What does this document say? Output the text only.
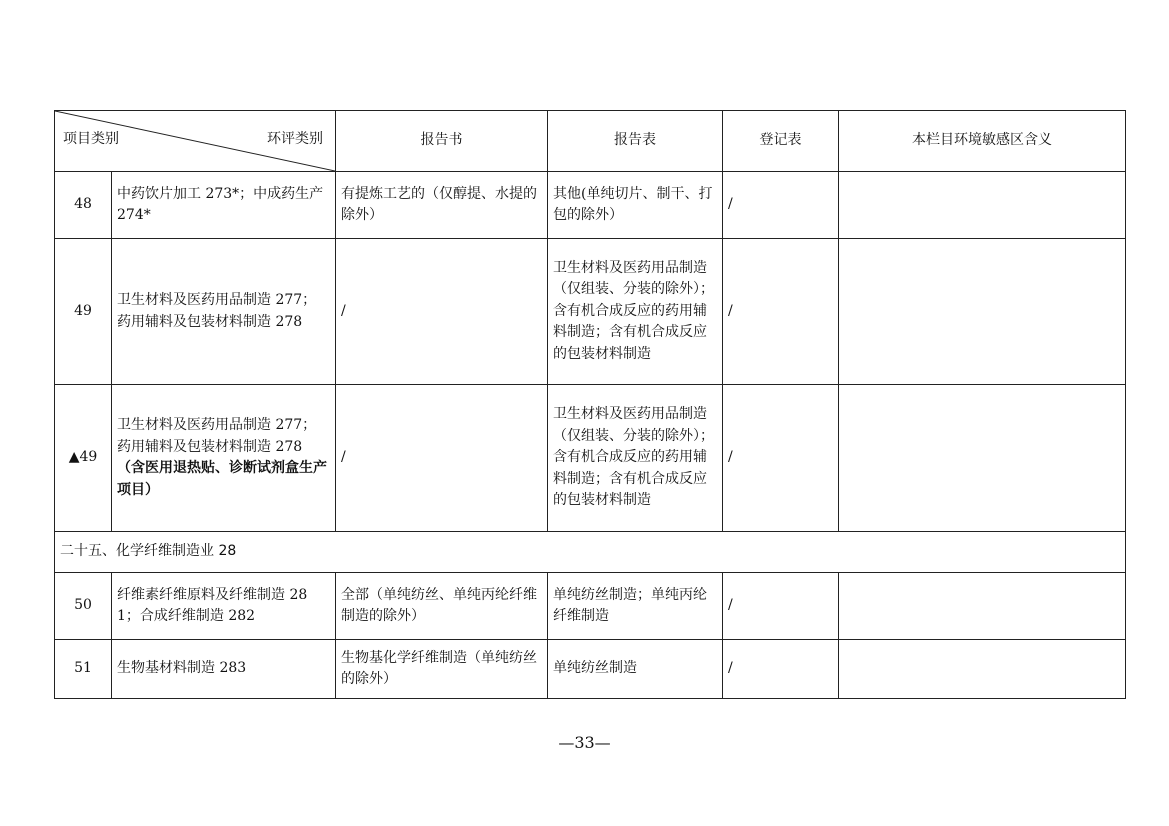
项目类别 环评类别		报告书	报告表	登记表	本栏目环境敏感区含义
48	中药饮片加工 273*；中成药生产 274*	有提炼工艺的（仅醇提、水提的除外）	其他(单纯切片、制干、打包的除外）	/	
49	卫生材料及医药用品制造 277；药用辅料及包装材料制造 278	/	卫生材料及医药用品制造（仅组装、分装的除外）；含有机合成反应的药用辅料制造；含有机合成反应的包装材料制造	/	
▲49	卫生材料及医药用品制造 277；药用辅料及包装材料制造 278（含医用退热贴、诊断试剂盒生产项目）	/	卫生材料及医药用品制造（仅组装、分装的除外）；含有机合成反应的药用辅料制造；含有机合成反应的包装材料制造	/	
二十五、化学纤维制造业 28					
50	纤维素纤维原料及纤维制造 281；合成纤维制造 282	全部（单纯纺丝、单纯丙纶纤维制造的除外）	单纯纺丝制造；单纯丙纶纤维制造	/	
51	生物基材料制造 283	生物基化学纤维制造（单纯纺丝的除外）	单纯纺丝制造	/	
—33—
